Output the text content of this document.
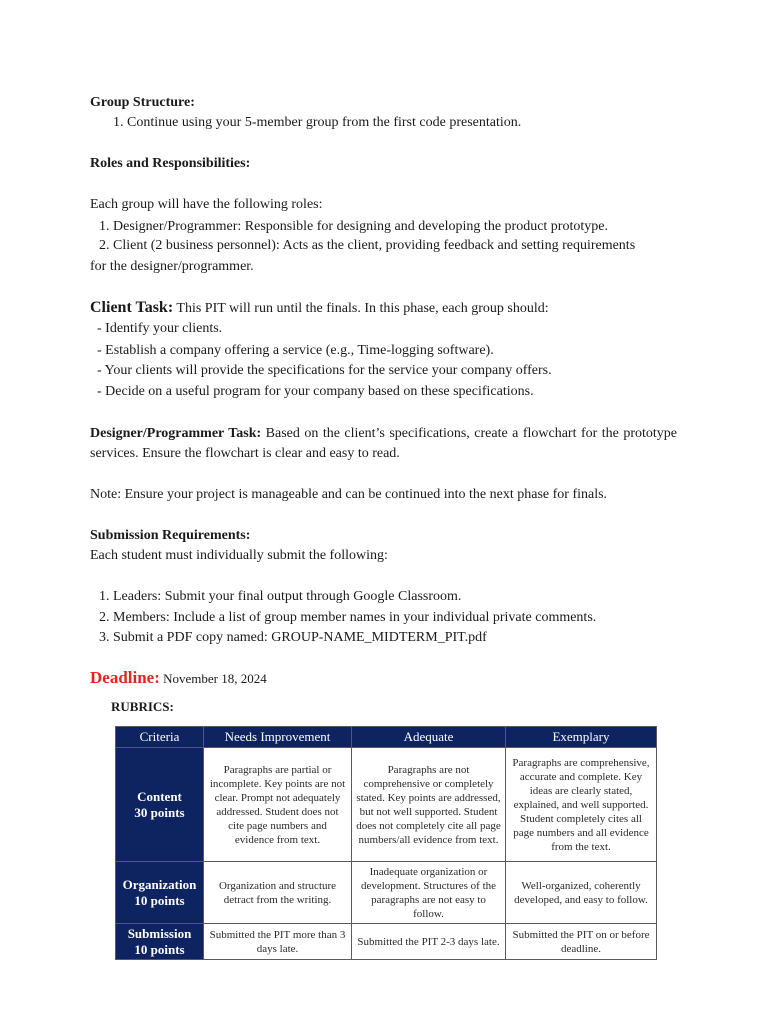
Group Structure:
1. Continue using your 5-member group from the first code presentation.
Roles and Responsibilities:
Each group will have the following roles:
1. Designer/Programmer: Responsible for designing and developing the product prototype.
2. Client (2 business personnel): Acts as the client, providing feedback and setting requirements
for the designer/programmer.
Client Task: This PIT will run until the finals. In this phase, each group should:
- Identify your clients.
- Establish a company offering a service (e.g., Time-logging software).
- Your clients will provide the specifications for the service your company offers.
- Decide on a useful program for your company based on these specifications.
Designer/Programmer Task: Based on the client’s specifications, create a flowchart for the prototype services. Ensure the flowchart is clear and easy to read.
Note: Ensure your project is manageable and can be continued into the next phase for finals.
Submission Requirements:
Each student must individually submit the following:
1. Leaders: Submit your final output through Google Classroom.
2. Members: Include a list of group member names in your individual private comments.
3. Submit a PDF copy named: GROUP-NAME_MIDTERM_PIT.pdf
Deadline: November 18, 2024
RUBRICS:
Criteria	Needs Improvement	Adequate	Exemplary

Content
30 points	Paragraphs are partial or incomplete. Key points are not clear. Prompt not adequately addressed. Student does not cite page numbers and evidence from text.	Paragraphs are not comprehensive or completely stated. Key points are addressed, but not well supported. Student does not completely cite all page numbers/all evidence from text.	Paragraphs are comprehensive, accurate and complete. Key ideas are clearly stated, explained, and well supported. Student completely cites all page numbers and all evidence from the text.

Organization
10 points	Organization and structure detract from the writing.	Inadequate organization or development. Structures of the paragraphs are not easy to follow.	Well-organized, coherently developed, and easy to follow.

Submission
10 points	Submitted the PIT more than 3 days late.	Submitted the PIT 2-3 days late.	Submitted the PIT on or before deadline.
